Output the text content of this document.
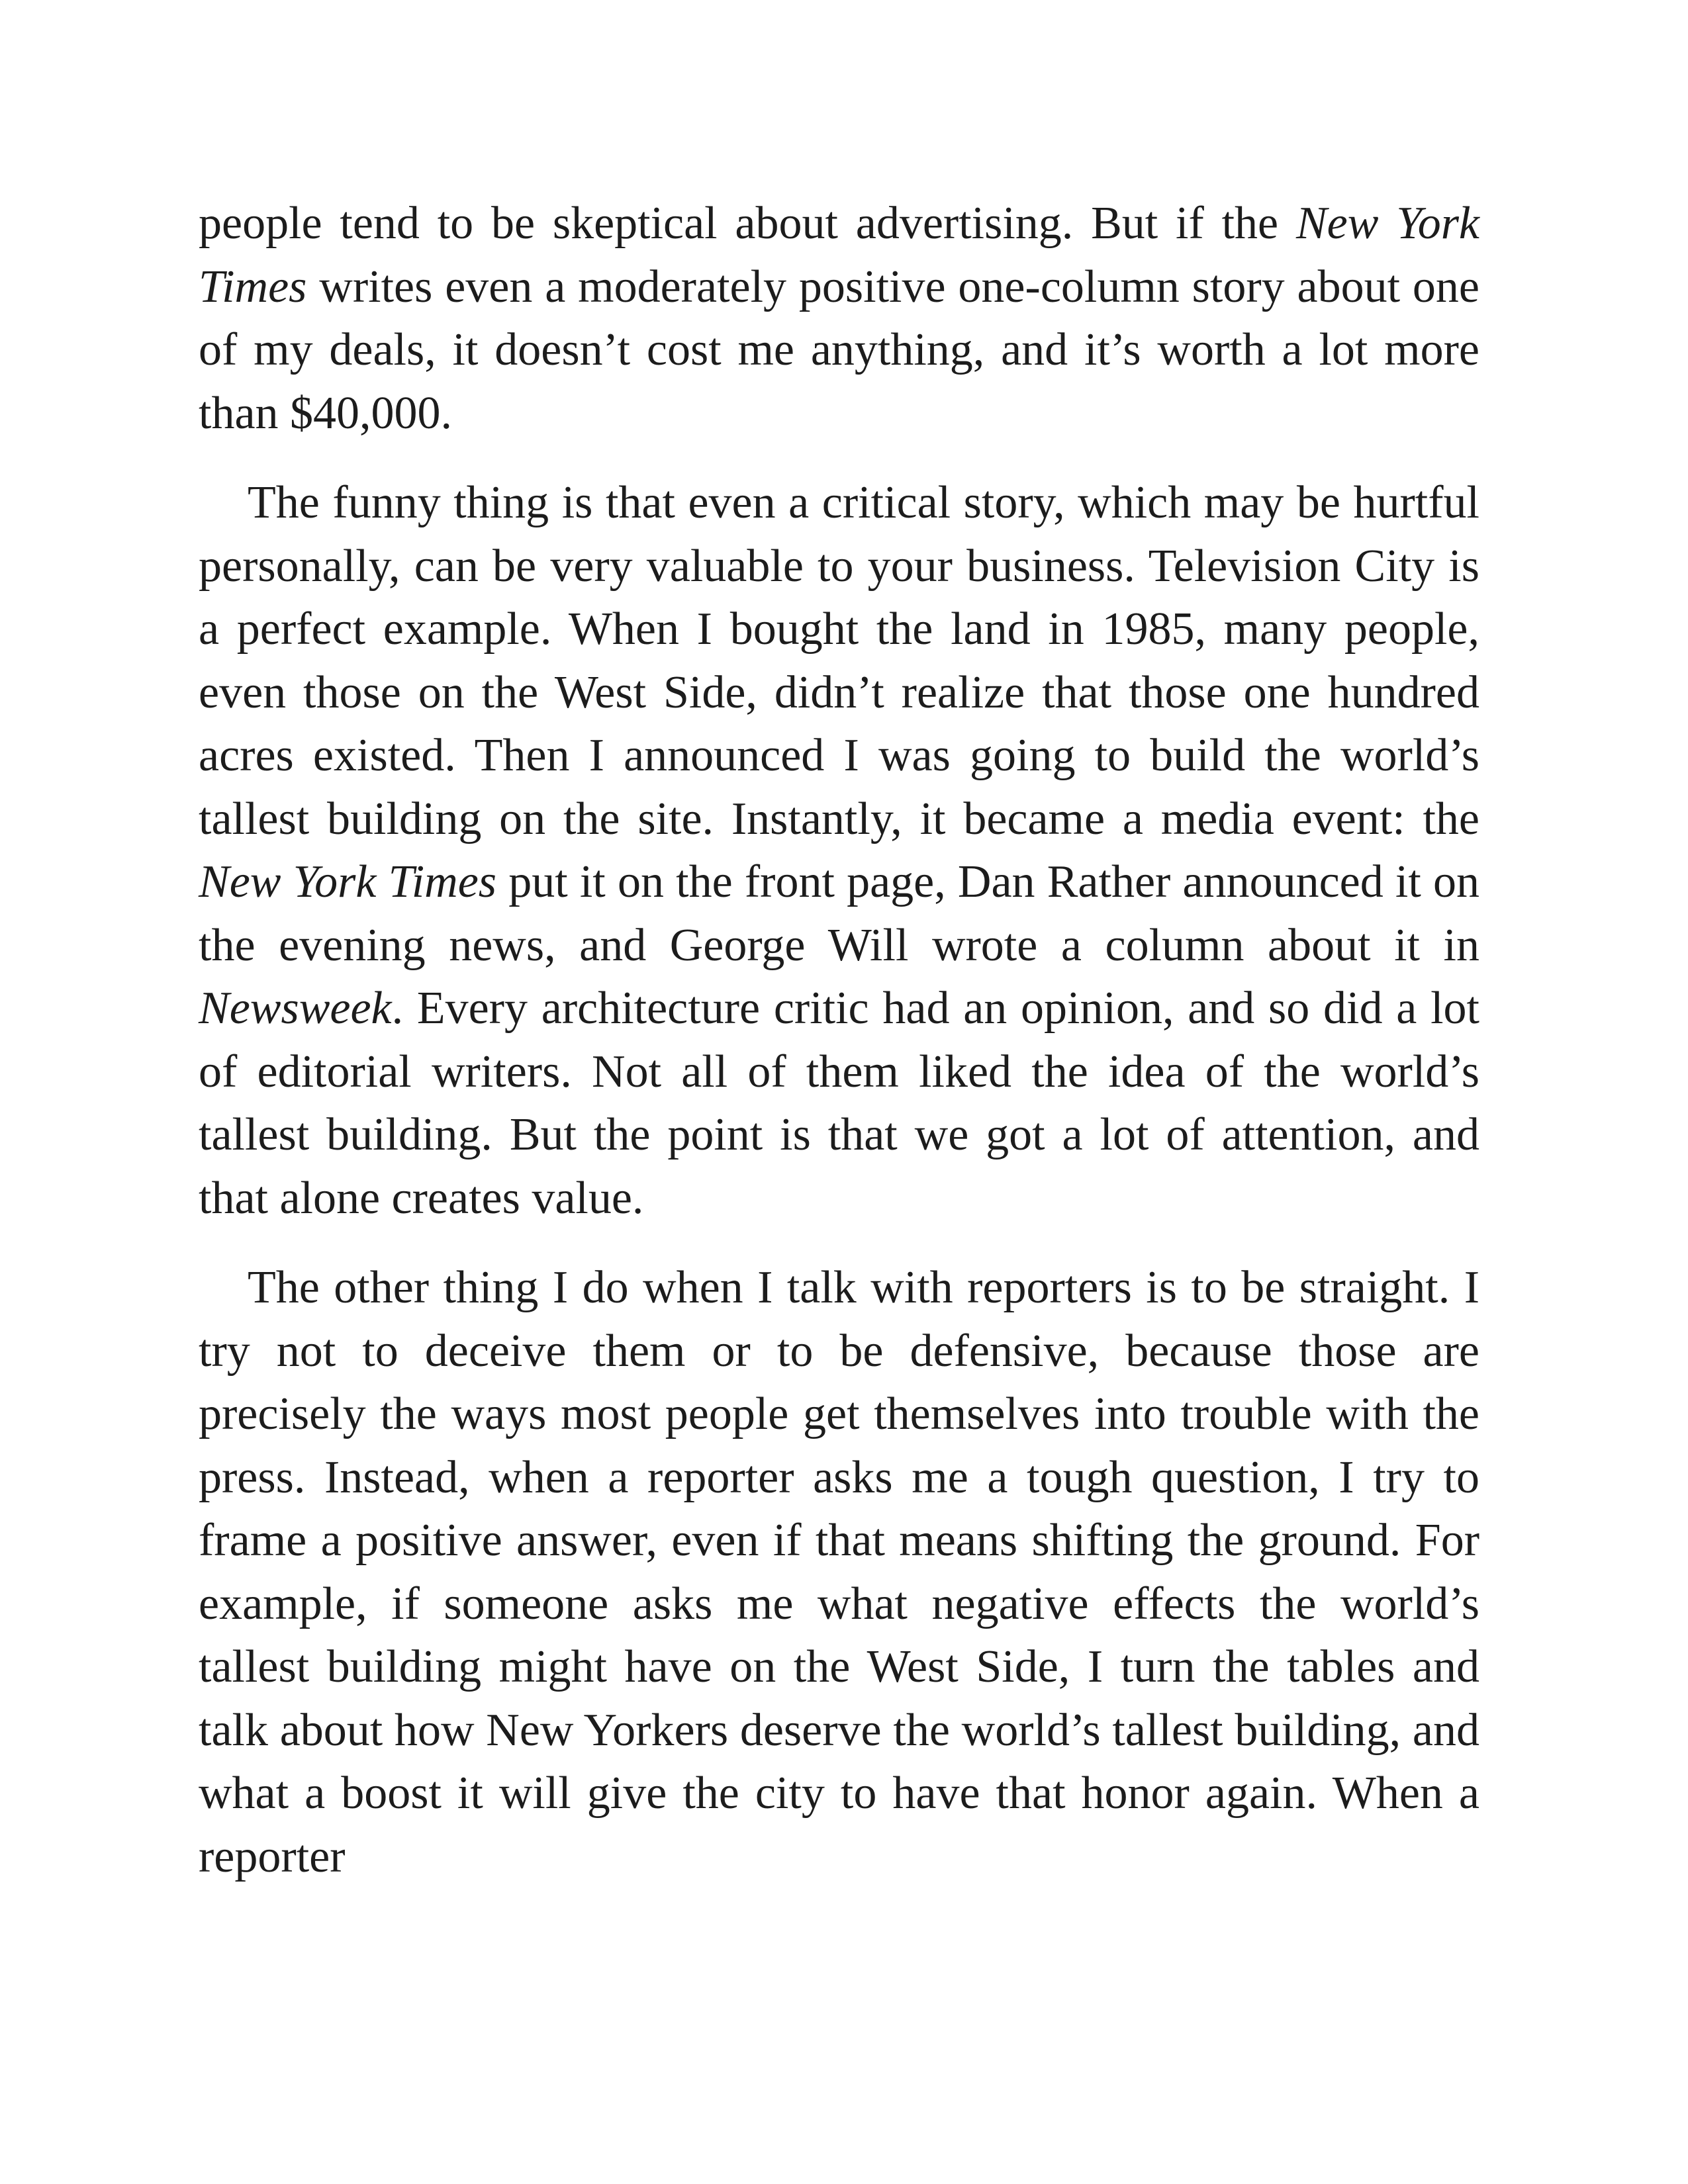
people tend to be skeptical about advertising. But if the New York Times writes even a moderately positive one-column story about one of my deals, it doesn’t cost me anything, and it’s worth a lot more than $40,000.

The funny thing is that even a critical story, which may be hurtful personally, can be very valuable to your business. Television City is a perfect example. When I bought the land in 1985, many people, even those on the West Side, didn’t realize that those one hundred acres existed. Then I announced I was going to build the world’s tallest building on the site. Instantly, it became a media event: the New York Times put it on the front page, Dan Rather announced it on the evening news, and George Will wrote a column about it in Newsweek. Every architecture critic had an opinion, and so did a lot of editorial writers. Not all of them liked the idea of the world’s tallest building. But the point is that we got a lot of attention, and that alone creates value.

The other thing I do when I talk with reporters is to be straight. I try not to deceive them or to be defensive, because those are precisely the ways most people get themselves into trouble with the press. Instead, when a reporter asks me a tough question, I try to frame a positive answer, even if that means shifting the ground. For example, if someone asks me what negative effects the world’s tallest building might have on the West Side, I turn the tables and talk about how New Yorkers deserve the world’s tallest building, and what a boost it will give the city to have that honor again. When a reporter
